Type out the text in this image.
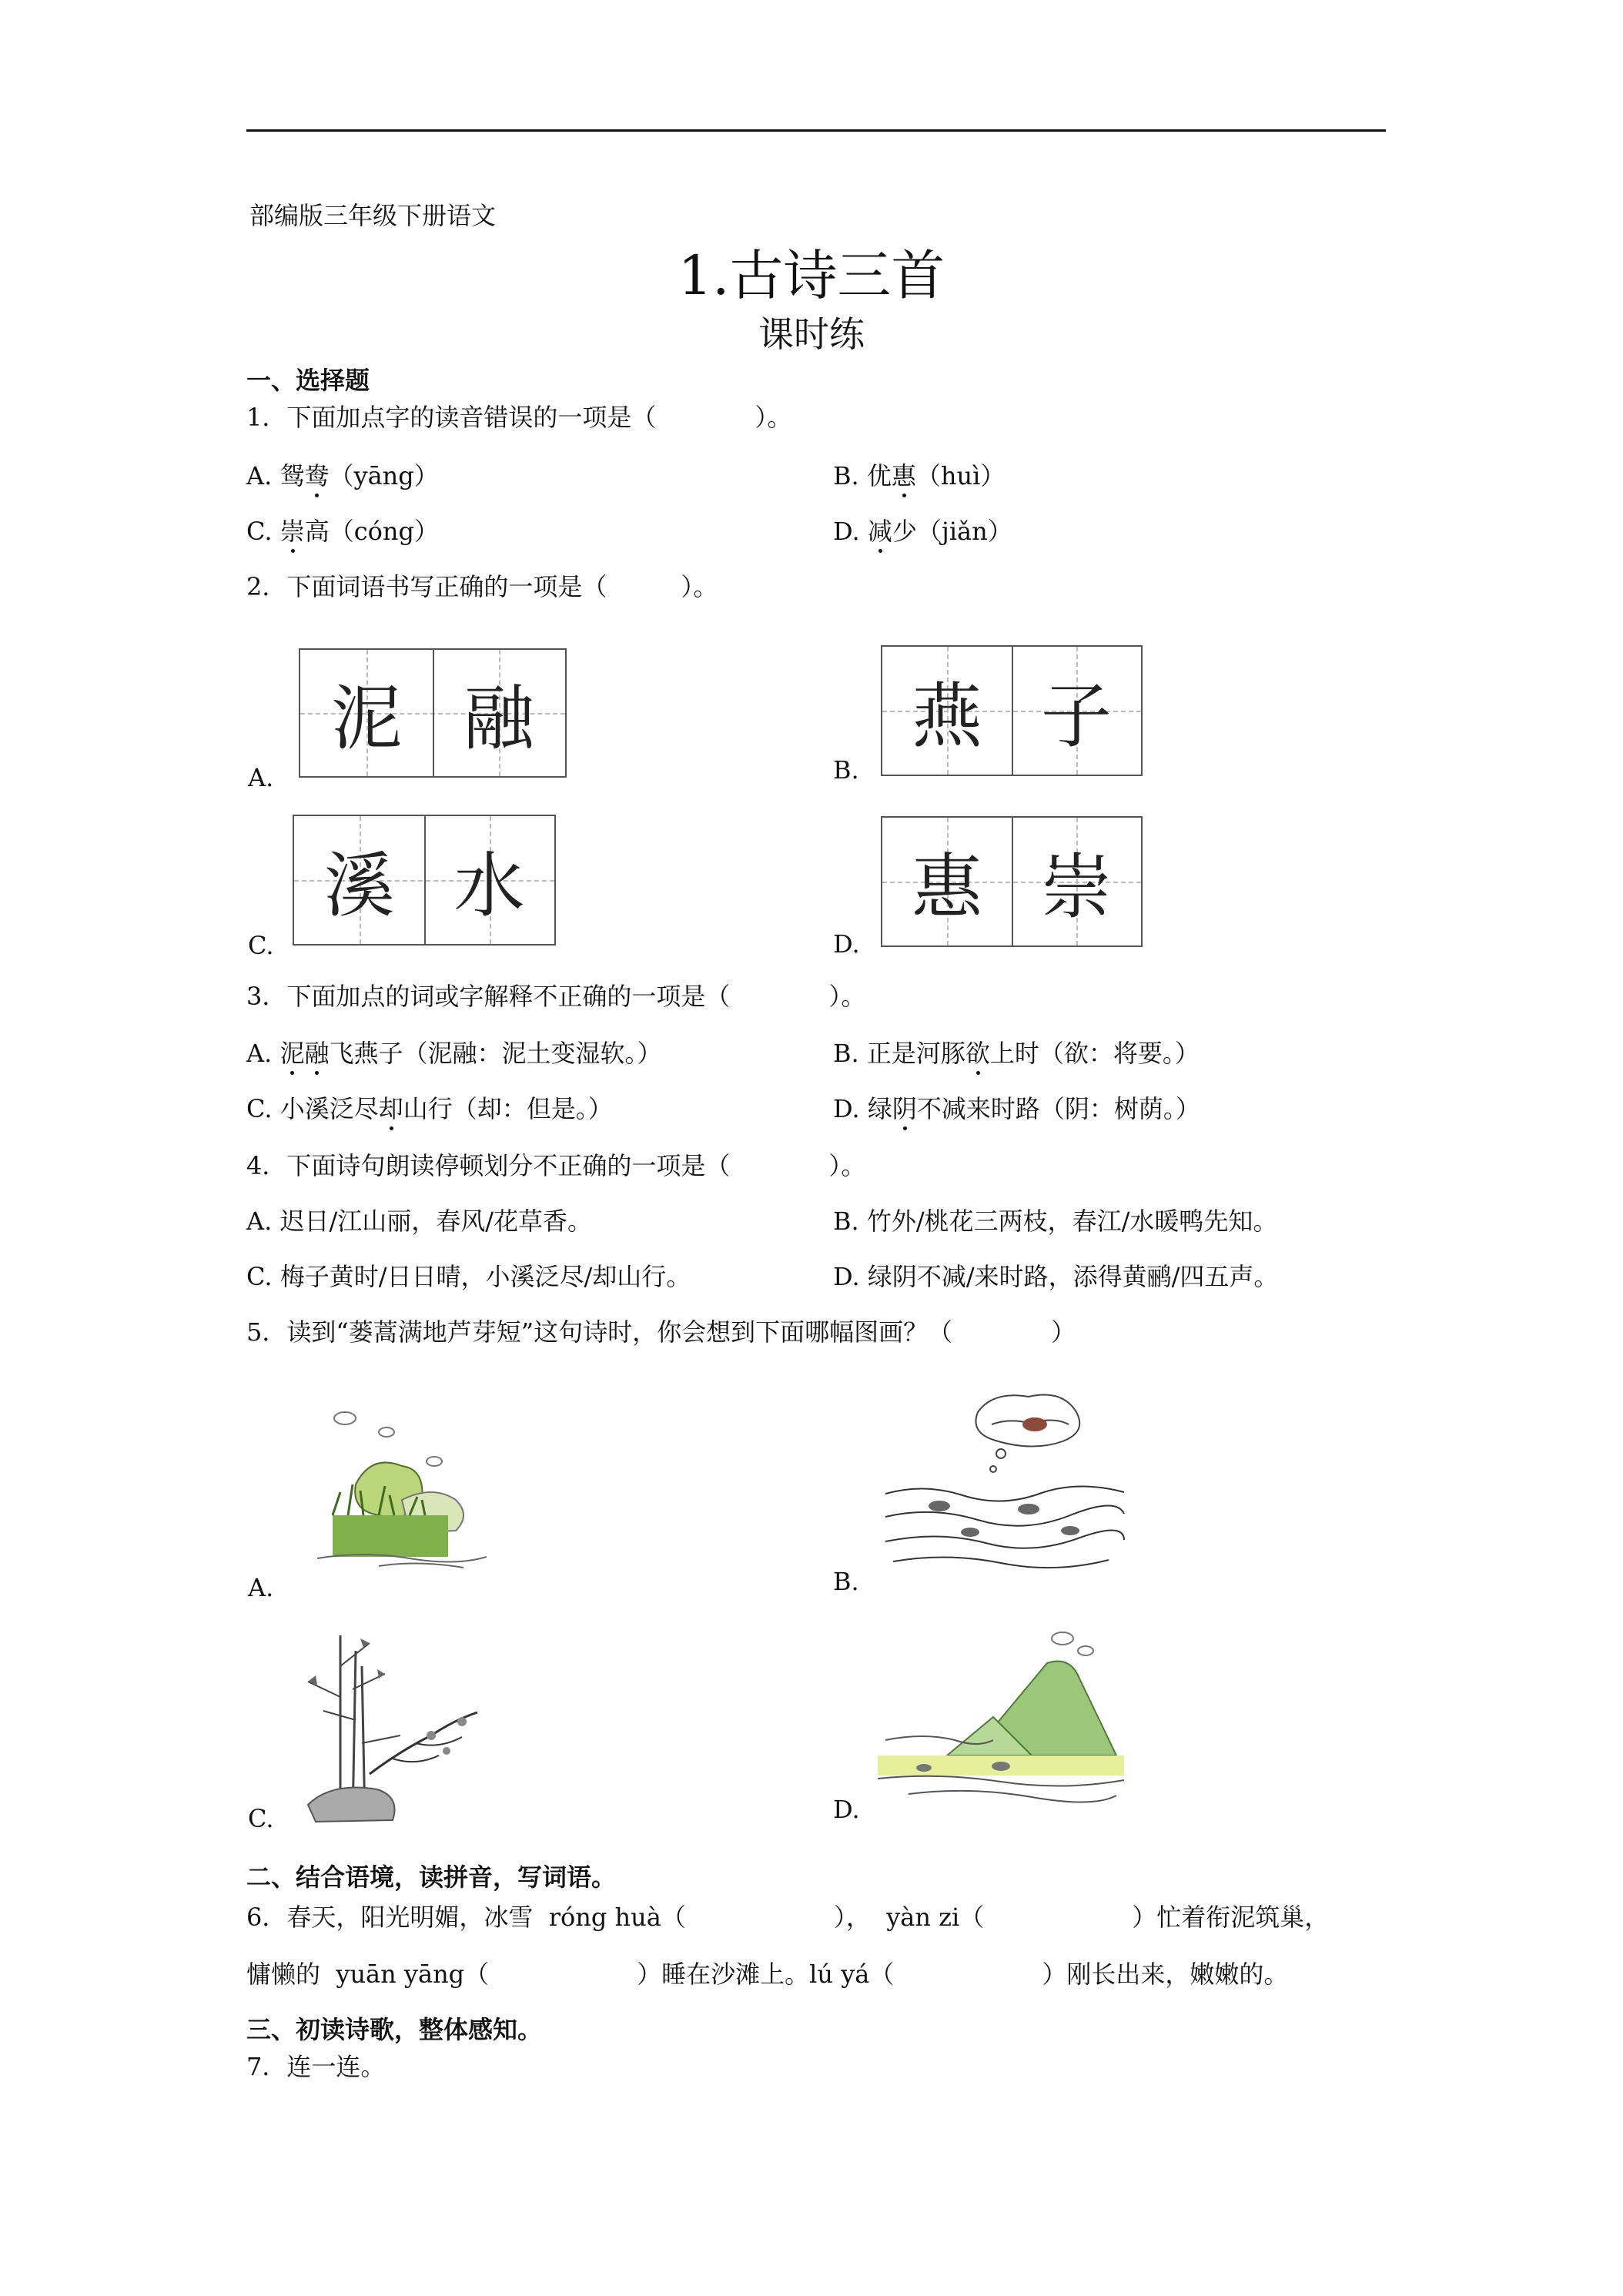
部编版三年级下册语文
1.古诗三首
课时练
一、选择题
1．下面加点字的读音错误的一项是（　　　　）。
A. 鸳鸯（yāng）	B. 优惠（huì）
C. 崇高（cóng）	D. 减少（jiǎn）
2．下面词语书写正确的一项是（　　　）。
A.
泥 融
B.
燕 子
C.
溪 水
D.
惠 崇
3．下面加点的词或字解释不正确的一项是（　　　　）。
A. 泥融飞燕子（泥融：泥土变湿软。）	B. 正是河豚欲上时（欲：将要。）
C. 小溪泛尽却山行（却：但是。）	D. 绿阴不减来时路（阴：树荫。）
4．下面诗句朗读停顿划分不正确的一项是（　　　　）。
A. 迟日/江山丽，春风/花草香。	B. 竹外/桃花三两枝，春江/水暖鸭先知。
C. 梅子黄时/日日晴，小溪泛尽/却山行。	D. 绿阴不减/来时路，添得黄鹂/四五声。
5．读到“蒌蒿满地芦芽短”这句诗时，你会想到下面哪幅图画？（　　　　）
A.	B.
C.	D.
二、结合语境，读拼音，写词语。
6．春天，阳光明媚，冰雪 róng huà（　　　　　　）， yàn zi（　　　　　　）忙着衔泥筑巢，
慵懒的 yuān yāng（　　　　　　）睡在沙滩上。lú yá（　　　　　　）刚长出来，嫩嫩的。
三、初读诗歌，整体感知。
7．连一连。
